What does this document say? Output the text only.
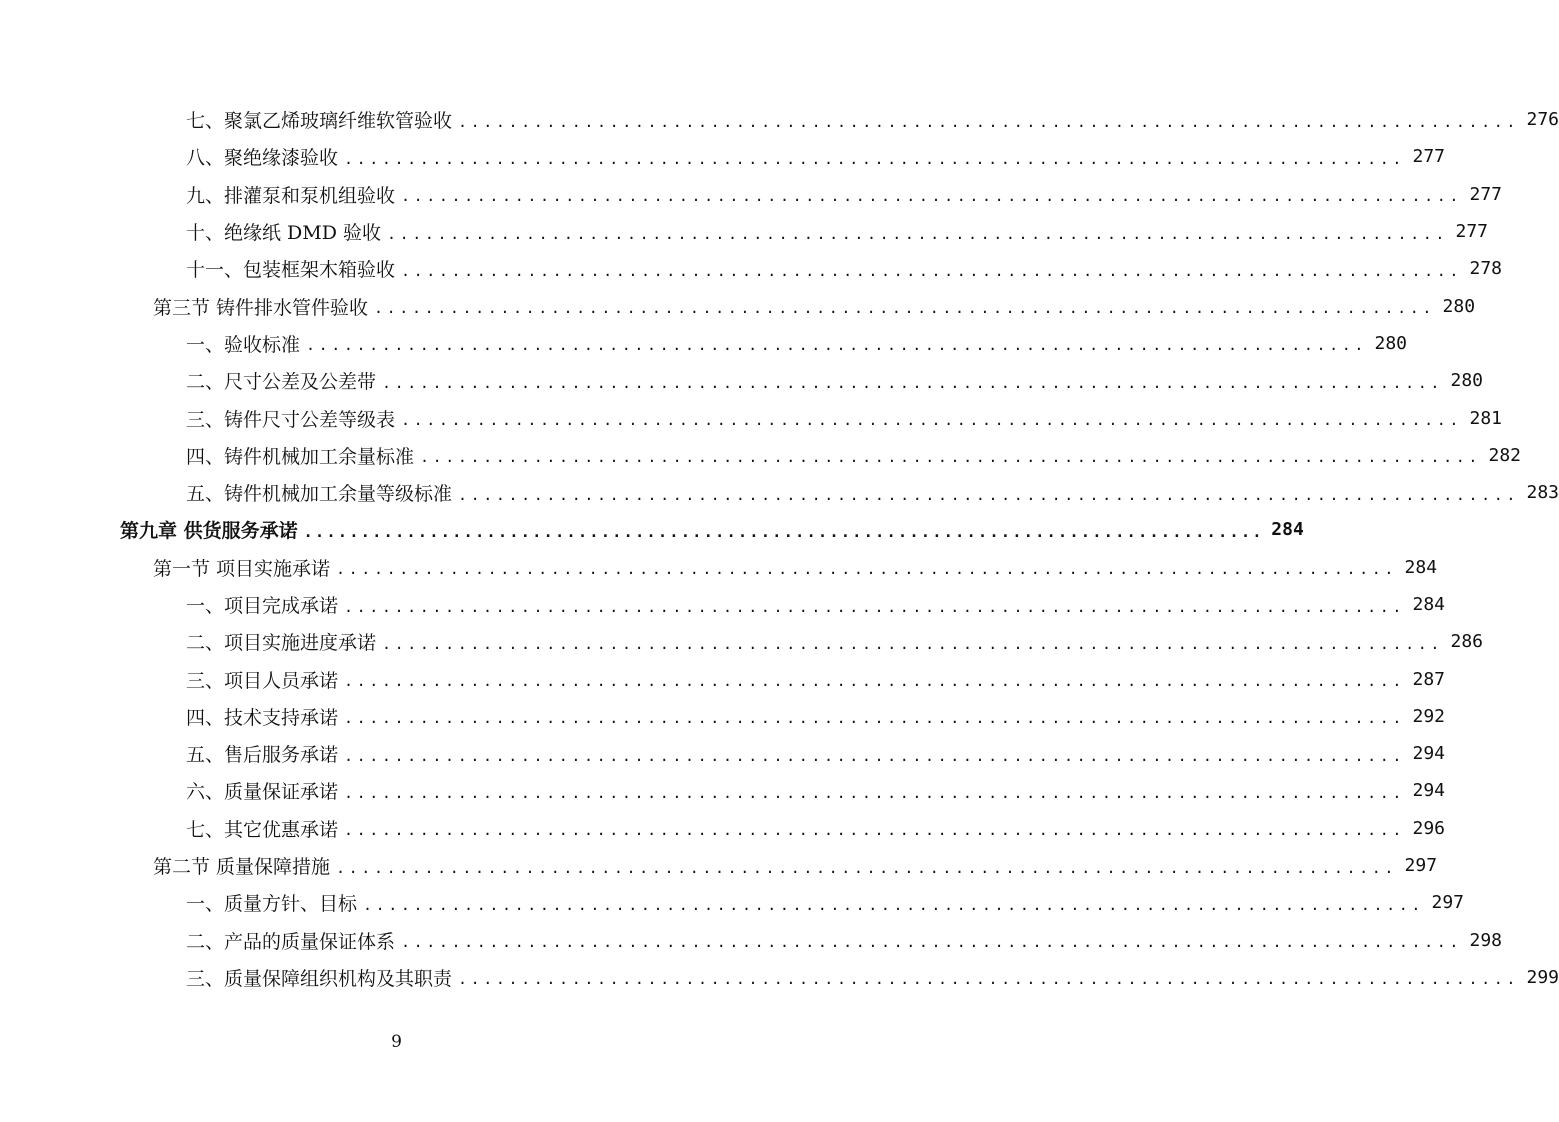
七、聚氯乙烯玻璃纤维软管验收 .................................................................................... 276
八、聚绝缘漆验收 .................................................................................... 277
九、排灌泵和泵机组验收 .................................................................................... 277
十、绝缘纸 DMD 验收 .................................................................................... 277
十一、包装框架木箱验收 .................................................................................... 278
第三节 铸件排水管件验收 .................................................................................... 280
一、验收标准 .................................................................................... 280
二、尺寸公差及公差带 .................................................................................... 280
三、铸件尺寸公差等级表 .................................................................................... 281
四、铸件机械加工余量标准 .................................................................................... 282
五、铸件机械加工余量等级标准 .................................................................................... 283
第九章 供货服务承诺 .................................................................................... 284
第一节 项目实施承诺 .................................................................................... 284
一、项目完成承诺 .................................................................................... 284
二、项目实施进度承诺 .................................................................................... 286
三、项目人员承诺 .................................................................................... 287
四、技术支持承诺 .................................................................................... 292
五、售后服务承诺 .................................................................................... 294
六、质量保证承诺 .................................................................................... 294
七、其它优惠承诺 .................................................................................... 296
第二节 质量保障措施 .................................................................................... 297
一、质量方针、目标 .................................................................................... 297
二、产品的质量保证体系 .................................................................................... 298
三、质量保障组织机构及其职责 .................................................................................... 299
9
